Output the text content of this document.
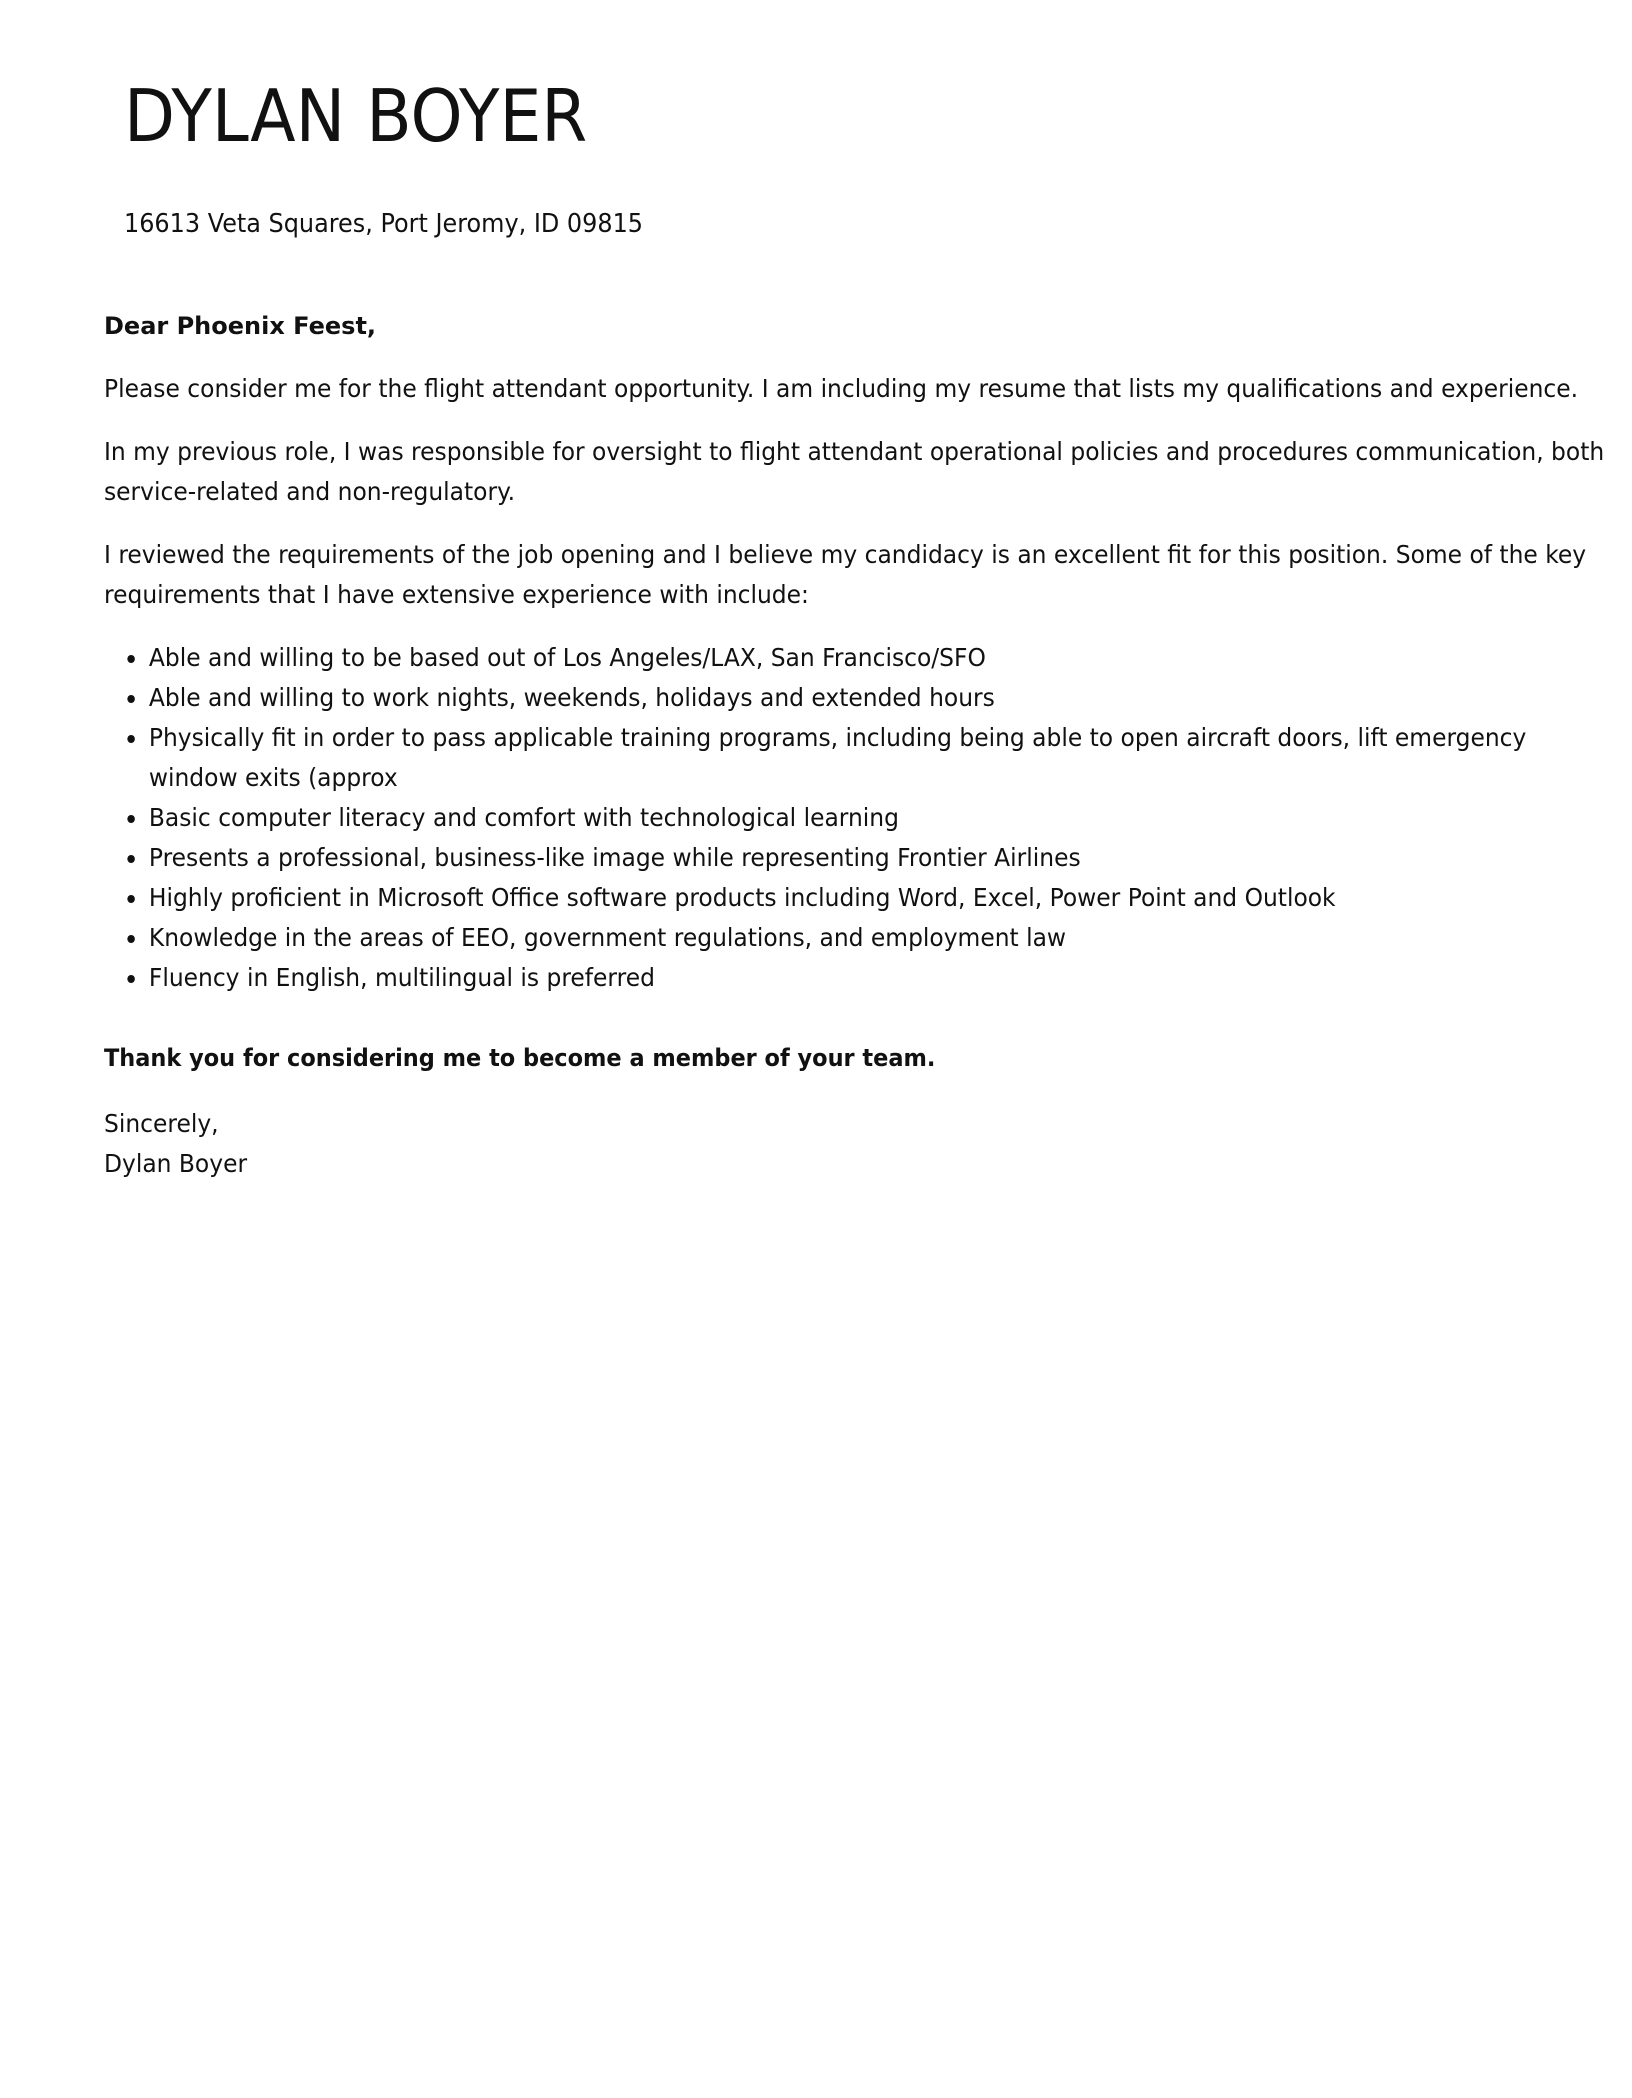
DYLAN BOYER

16613 Veta Squares, Port Jeromy, ID 09815

Dear Phoenix Feest,

Please consider me for the flight attendant opportunity. I am including my resume that lists my qualifications and experience.

In my previous role, I was responsible for oversight to flight attendant operational policies and procedures communication, both service-related and non-regulatory.

I reviewed the requirements of the job opening and I believe my candidacy is an excellent fit for this position. Some of the key requirements that I have extensive experience with include:

Able and willing to be based out of Los Angeles/LAX, San Francisco/SFO
Able and willing to work nights, weekends, holidays and extended hours
Physically fit in order to pass applicable training programs, including being able to open aircraft doors, lift emergency window exits (approx
Basic computer literacy and comfort with technological learning
Presents a professional, business-like image while representing Frontier Airlines
Highly proficient in Microsoft Office software products including Word, Excel, Power Point and Outlook
Knowledge in the areas of EEO, government regulations, and employment law
Fluency in English, multilingual is preferred

Thank you for considering me to become a member of your team.

Sincerely,

Dylan Boyer
